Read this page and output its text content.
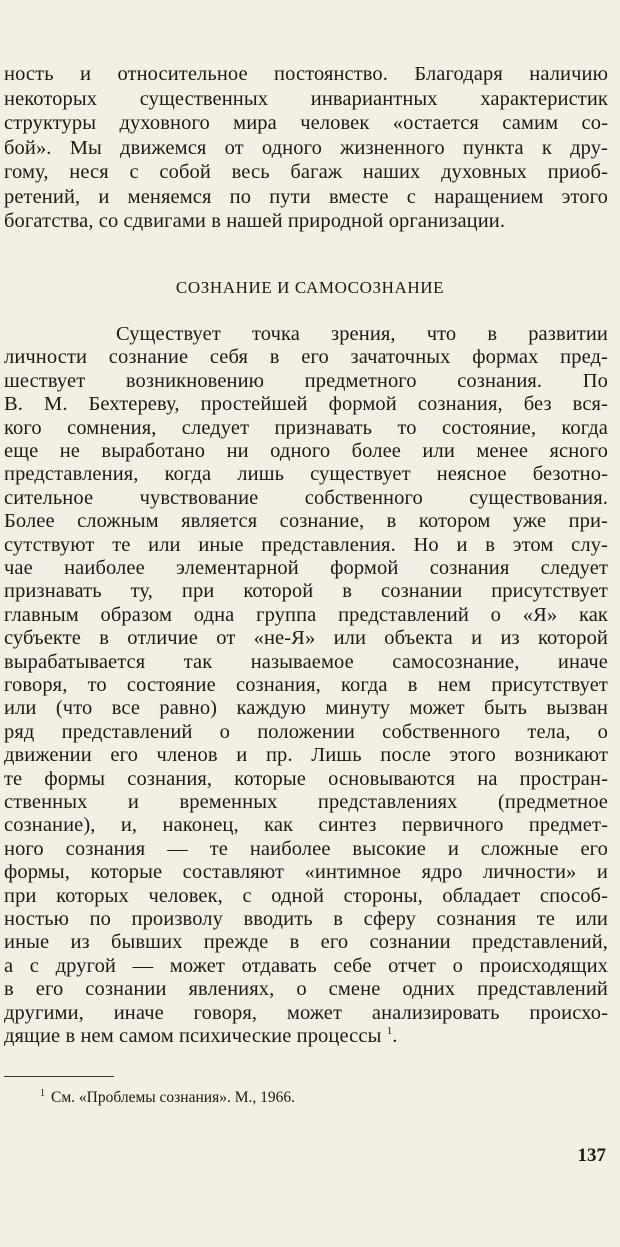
ность и относительное постоянство. Благодаря наличию
некоторых существенных инвариантных характеристик
структуры духовного мира человек «остается самим со-
бой». Мы движемся от одного жизненного пункта к дру-
гому, неся с собой весь багаж наших духовных приоб-
ретений, и меняемся по пути вместе с наращением этого
богатства, со сдвигами в нашей природной организации.
СОЗНАНИЕ И САМОСОЗНАНИЕ
Существует точка зрения, что в развитии
личности сознание себя в его зачаточных формах пред-
шествует возникновению предметного сознания. По
В. М. Бехтереву, простейшей формой сознания, без вся-
кого сомнения, следует признавать то состояние, когда
еще не выработано ни одного более или менее ясного
представления, когда лишь существует неясное безотно-
сительное чувствование собственного существования.
Более сложным является сознание, в котором уже при-
сутствуют те или иные представления. Но и в этом слу-
чае наиболее элементарной формой сознания следует
признавать ту, при которой в сознании присутствует
главным образом одна группа представлений о «Я» как
субъекте в отличие от «не-Я» или объекта и из которой
вырабатывается так называемое самосознание, иначе
говоря, то состояние сознания, когда в нем присутствует
или (что все равно) каждую минуту может быть вызван
ряд представлений о положении собственного тела, о
движении его членов и пр. Лишь после этого возникают
те формы сознания, которые основываются на простран-
ственных и временных представлениях (предметное
сознание), и, наконец, как синтез первичного предмет-
ного сознания — те наиболее высокие и сложные его
формы, которые составляют «интимное ядро личности» и
при которых человек, с одной стороны, обладает способ-
ностью по произволу вводить в сферу сознания те или
иные из бывших прежде в его сознании представлений,
а с другой — может отдавать себе отчет о происходящих
в его сознании явлениях, о смене одних представлений
другими, иначе говоря, может анализировать происхо-
дящие в нем самом психические процессы $^1$.
$^1$ См. «Проблемы сознания». М., 1966.
137
